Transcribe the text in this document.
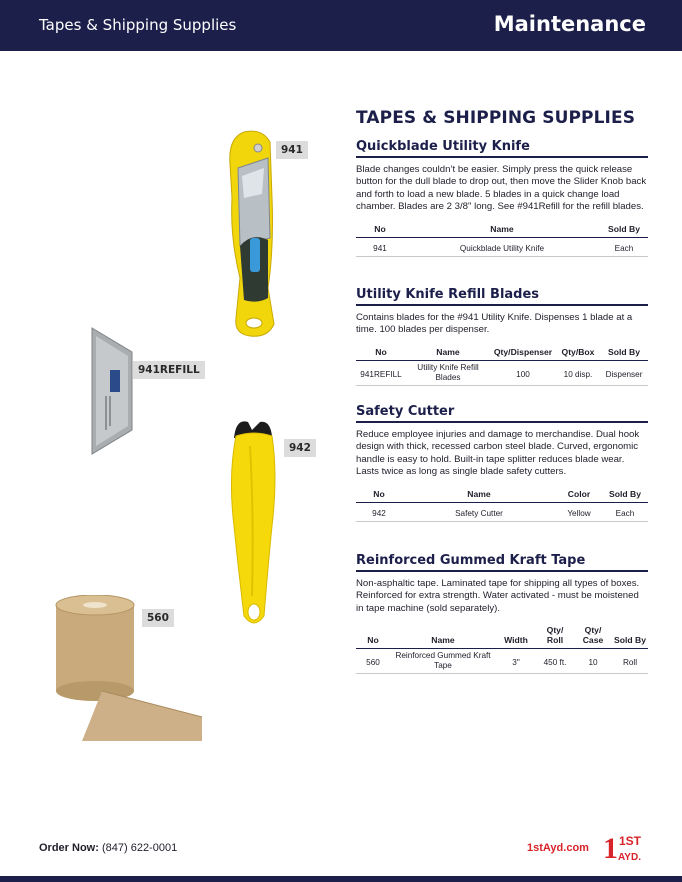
Tapes & Shipping Supplies	Maintenance
TAPES & SHIPPING SUPPLIES
Quickblade Utility Knife

Blade changes couldn’t be easier. Simply press the quick release button for the dull blade to drop out, then move the Slider Knob back and forth to load a new blade. 5 blades in a quick change load chamber. Blades are 2 3/8" long. See #941Refill for the refill blades.

No	Name	Sold By
941	Quickblade Utility Knife	Each
Utility Knife Refill Blades

Contains blades for the #941 Utility Knife. Dispenses 1 blade at a time. 100 blades per dispenser.

No	Name	Qty/Dispenser	Qty/Box	Sold By
941REFILL	Utility Knife Refill Blades	100	10 disp.	Dispenser
Safety Cutter

Reduce employee injuries and damage to merchandise. Dual hook design with thick, recessed carbon steel blade. Curved, ergonomic handle is easy to hold. Built-in tape splitter reduces blade wear. Lasts twice as long as single blade safety cutters.

No	Name	Color	Sold By
942	Safety Cutter	Yellow	Each
Reinforced Gummed Kraft Tape

Non-asphaltic tape. Laminated tape for shipping all types of boxes. Reinforced for extra strength. Water activated - must be moistened in tape machine (sold separately).

No	Name	Width	Qty/ Roll	Qty/ Case	Sold By
560	Reinforced Gummed Kraft Tape	3"	450 ft.	10	Roll
941
941REFILL
942
560
Order Now: (847) 622-0001	1stAyd.com 1 1ST
AYD.
